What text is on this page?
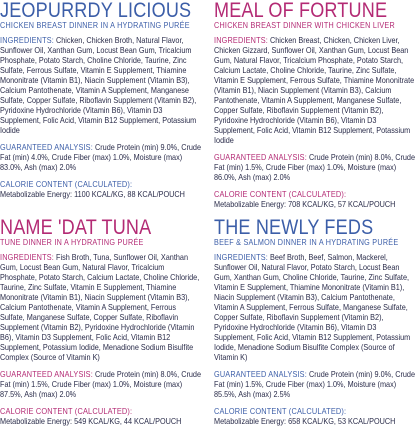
JEOPURRDY LICIOUS

CHICKEN BREAST DINNER IN A HYDRATING PURÉE

INGREDIENTS: Chicken, Chicken Broth, Natural Flavor, Sunflower Oil, Xanthan Gum, Locust Bean Gum, Tricalcium Phosphate, Potato Starch, Choline Chloride, Taurine, Zinc Sulfate, Ferrous Sulfate, Vitamin E Supplement, Thiamine Mononitrate (Vitamin B1), Niacin Supplement (Vitamin B3), Calcium Pantothenate, Vitamin A Supplement, Manganese Sulfate, Copper Sulfate, Riboflavin Supplement (Vitamin B2), Pyridoxine Hydrochloride (Vitamin B6), Vitamin D3 Supplement, Folic Acid, Vitamin B12 Supplement, Potassium Iodide

GUARANTEED ANALYSIS: Crude Protein (min) 9.0%, Crude Fat (min) 4.0%, Crude Fiber (max) 1.0%, Moisture (max) 83.0%, Ash (max) 2.0%

CALORIE CONTENT (CALCULATED):

Metabolizable Energy: 1100 KCAL/KG, 88 KCAL/POUCH

MEAL OF FORTUNE

CHICKEN BREAST DINNER WITH CHICKEN LIVER

INGREDIENTS: Chicken Breast, Chicken, Chicken Liver, Chicken Gizzard, Sunflower Oil, Xanthan Gum, Locust Bean Gum, Natural Flavor, Tricalcium Phosphate, Potato Starch, Calcium Lactate, Choline Chloride, Taurine, Zinc Sulfate, Vitamin E Supplement, Ferrous Sulfate, Thiamine Mononitrate (Vitamin B1), Niacin Supplement (Vitamin B3), Calcium Pantothenate, Vitamin A Supplement, Manganese Sulfate, Copper Sulfate, Riboflavin Supplement (Vitamin B2), Pyridoxine Hydrochloride (Vitamin B6), Vitamin D3 Supplement, Folic Acid, Vitamin B12 Supplement, Potassium Iodide

GUARANTEED ANALYSIS: Crude Protein (min) 8.0%, Crude Fat (min) 1.5%, Crude Fiber (max) 1.0%, Moisture (max) 86.0%, Ash (max) 2.0%

CALORIE CONTENT (CALCULATED):

Metabolizable Energy: 708 KCAL/KG, 57 KCAL/POUCH

NAME 'DAT TUNA

TUNE DINNER IN A HYDRATING PURÉE

INGREDIENTS: Fish Broth, Tuna, Sunflower Oil, Xanthan Gum, Locust Bean Gum, Natural Flavor, Tricalcium Phosphate, Potato Starch, Calcium Lactate, Choline Chloride, Taurine, Zinc Sulfate, Vitamin E Supplement, Thiamine Mononitrate (Vitamin B1), Niacin Supplement (Vitamin B3), Calcium Pantothenate, Vitamin A Supplement, Ferrous Sulfate, Manganese Sulfate, Copper Sulfate, Riboflavin Supplement (Vitamin B2), Pyridoxine Hydrochloride (Vitamin B6), Vitamin D3 Supplement, Folic Acid, Vitamin B12 Supplement, Potassium Iodide, Menadione Sodium Bisulfite Complex (Source of Vitamin K)

GUARANTEED ANALYSIS: Crude Protein (min) 8.0%, Crude Fat (min) 1.5%, Crude Fiber (max) 1.0%, Moisture (max) 87.5%, Ash (max) 2.0%

CALORIE CONTENT (CALCULATED):

Metabolizable Energy: 549 KCAL/KG, 44 KCAL/POUCH

THE NEWLY FEDS

BEEF & SALMON DINNER IN A HYDRATING PURÉE

INGREDIENTS: Beef Broth, Beef, Salmon, Mackerel, Sunflower Oil, Natural Flavor, Potato Starch, Locust Bean Gum, Xanthan Gum, Choline Chloride, Taurine, Zinc Sulfate, Vitamin E Supplement, Thiamine Mononitrate (Vitamin B1), Niacin Supplement (Vitamin B3), Calcium Pantothenate, Vitamin A Supplement, Ferrous Sulfate, Manganese Sulfate, Copper Sulfate, Riboflavin Supplement (Vitamin B2), Pyridoxine Hydrochloride (Vitamin B6), Vitamin D3 Supplement, Folic Acid, Vitamin B12 Supplement, Potassium Iodide, Menadione Sodium Bisulfite Complex (Source of Vitamin K)

GUARANTEED ANALYSIS: Crude Protein (min) 9.0%, Crude Fat (min) 1.5%, Crude Fiber (max) 1.0%, Moisture (max) 85.5%, Ash (max) 2.5%

CALORIE CONTENT (CALCULATED):

Metabolizable Energy: 658 KCAL/KG, 53 KCAL/POUCH
